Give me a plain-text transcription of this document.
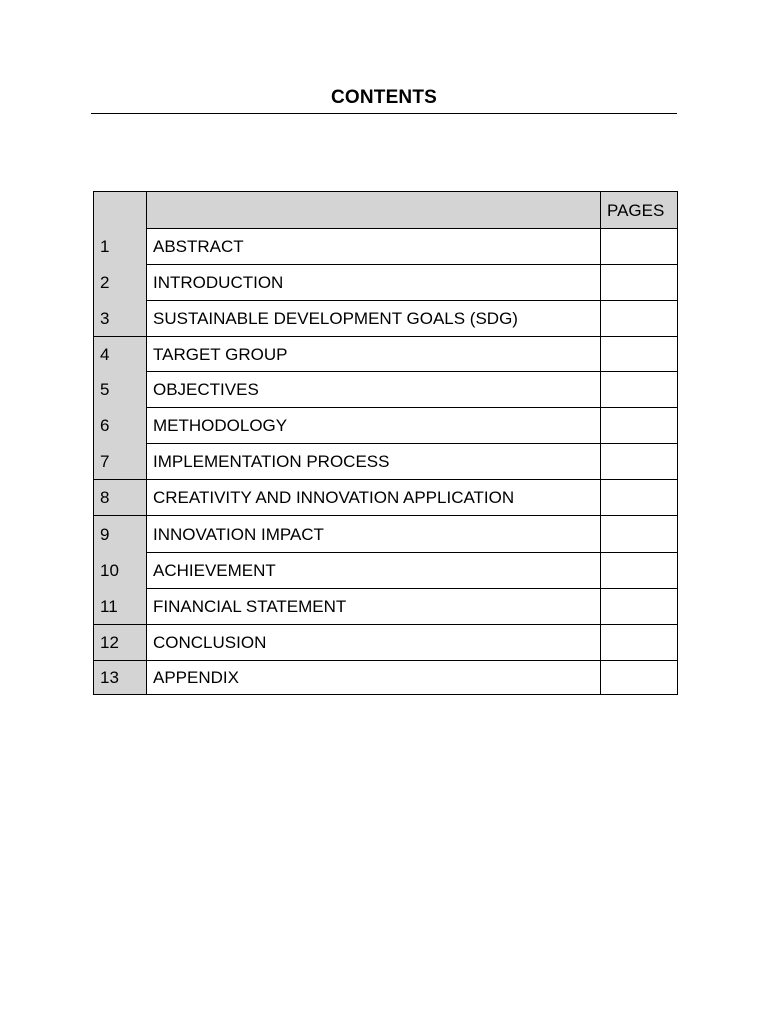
CONTENTS
		PAGES
1	ABSTRACT	
2	INTRODUCTION	
3	SUSTAINABLE DEVELOPMENT GOALS (SDG)	
4	TARGET GROUP	
5	OBJECTIVES	
6	METHODOLOGY	
7	IMPLEMENTATION PROCESS	
8	CREATIVITY AND INNOVATION APPLICATION	
9	INNOVATION IMPACT	
10	ACHIEVEMENT	
11	FINANCIAL STATEMENT	
12	CONCLUSION	
13	APPENDIX	
